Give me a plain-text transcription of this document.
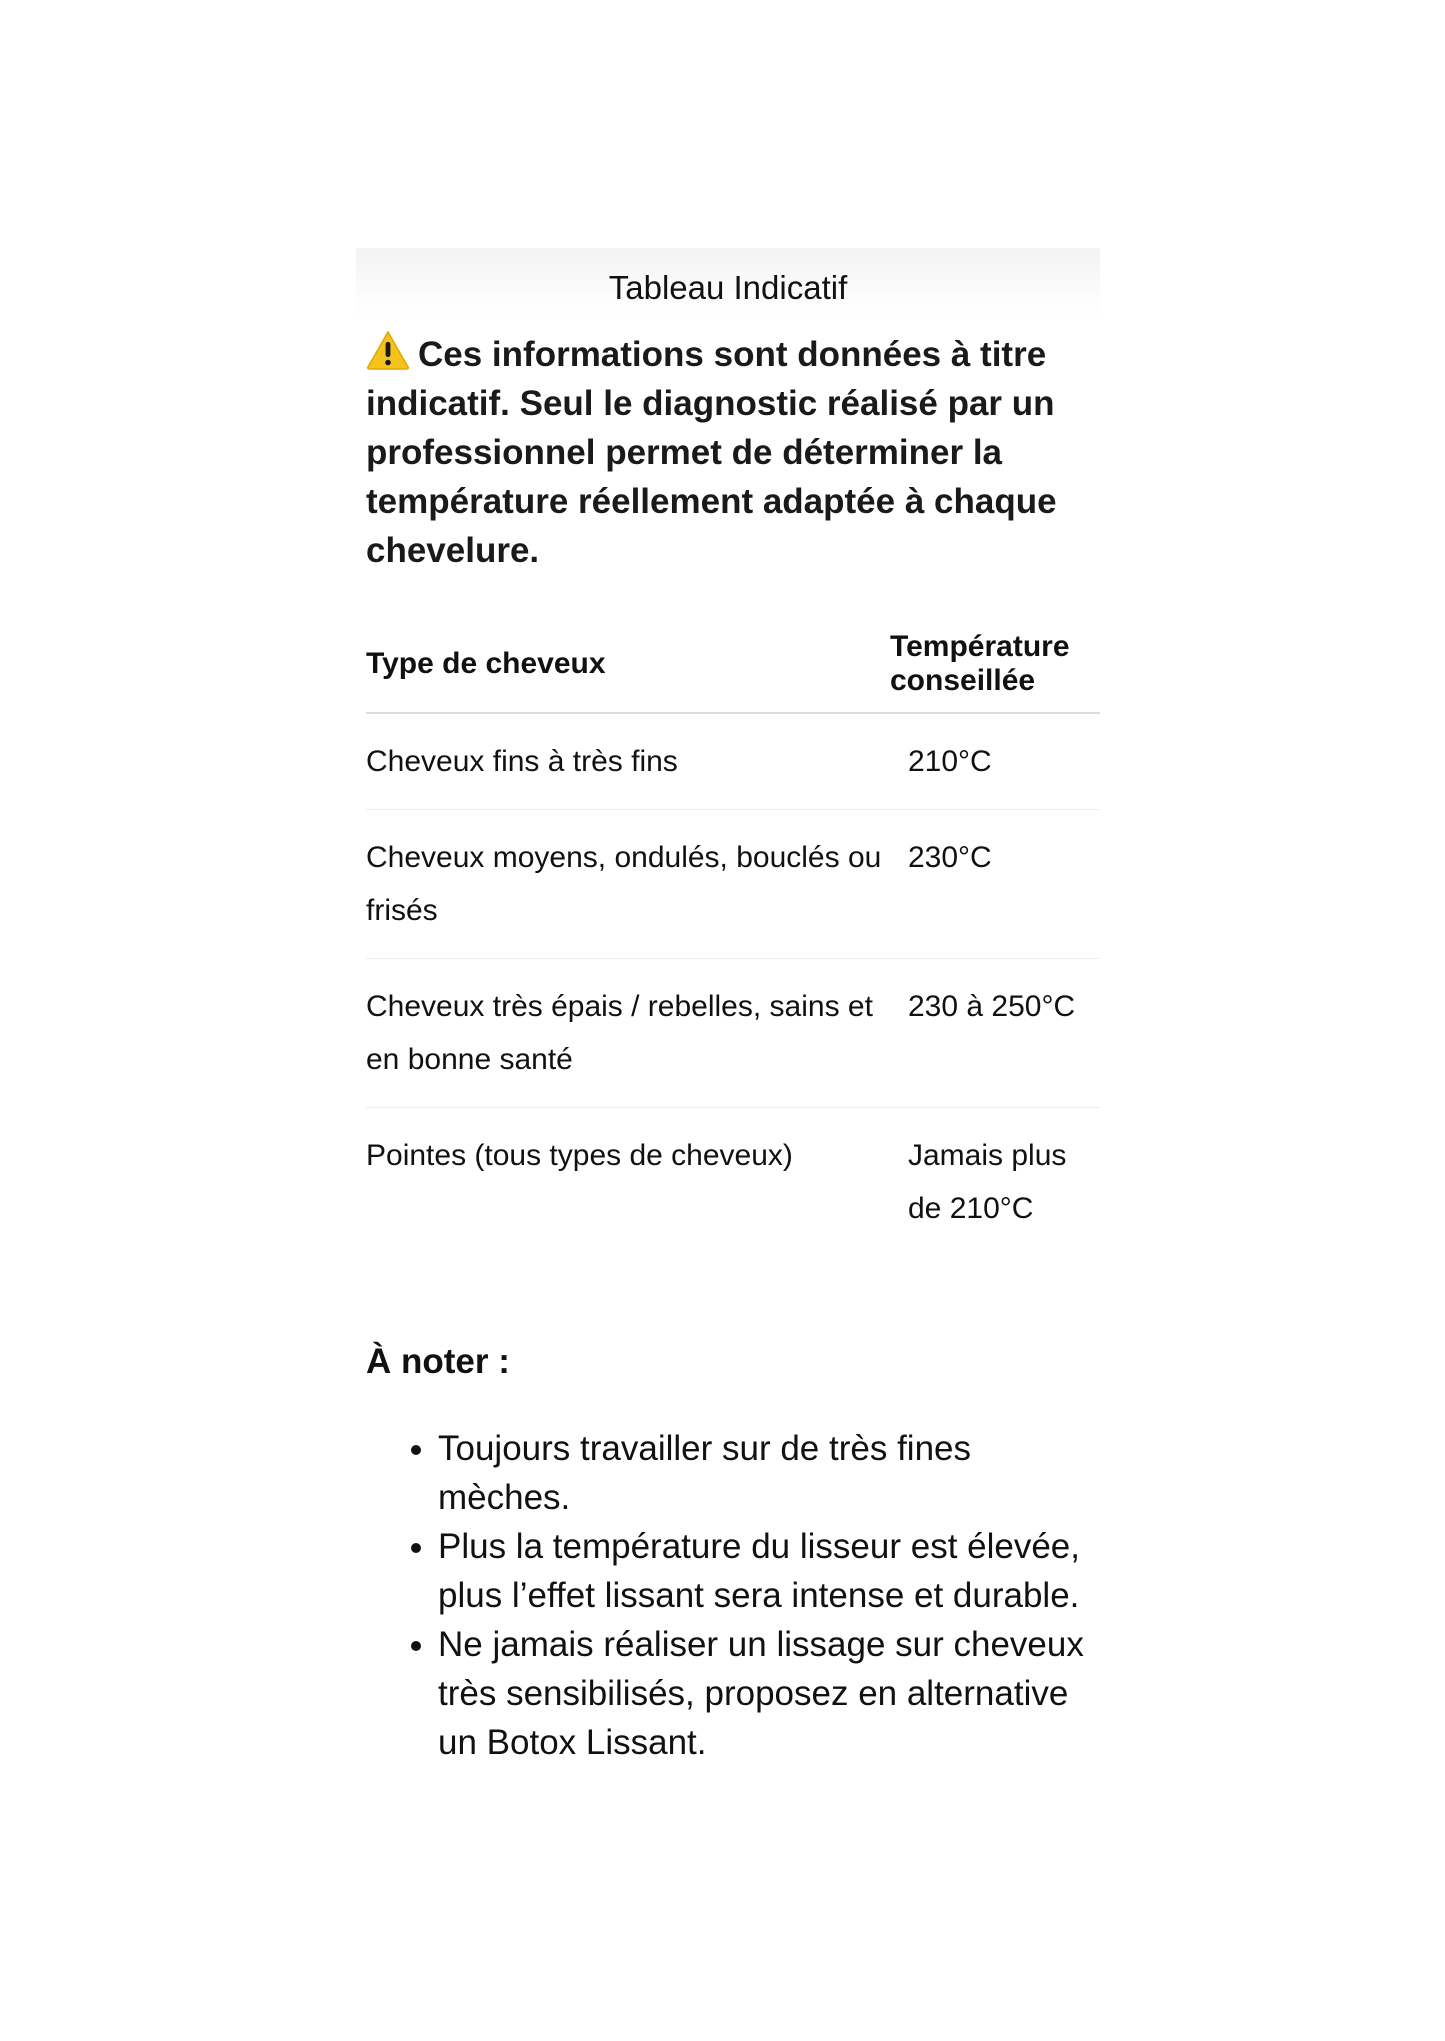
Tableau Indicatif
Ces informations sont données à titre indicatif. Seul le diagnostic réalisé par un professionnel permet de déterminer la température réellement adaptée à chaque chevelure.
Type de cheveux	Température conseillée
Cheveux fins à très fins	210°C
Cheveux moyens, ondulés, bouclés ou frisés	230°C
Cheveux très épais / rebelles, sains et en bonne santé	230 à 250°C
Pointes (tous types de cheveux)	Jamais plus de 210°C
À noter :
• Toujours travailler sur de très fines mèches.
• Plus la température du lisseur est élevée, plus l’effet lissant sera intense et durable.
• Ne jamais réaliser un lissage sur cheveux très sensibilisés, proposez en alternative un Botox Lissant.
